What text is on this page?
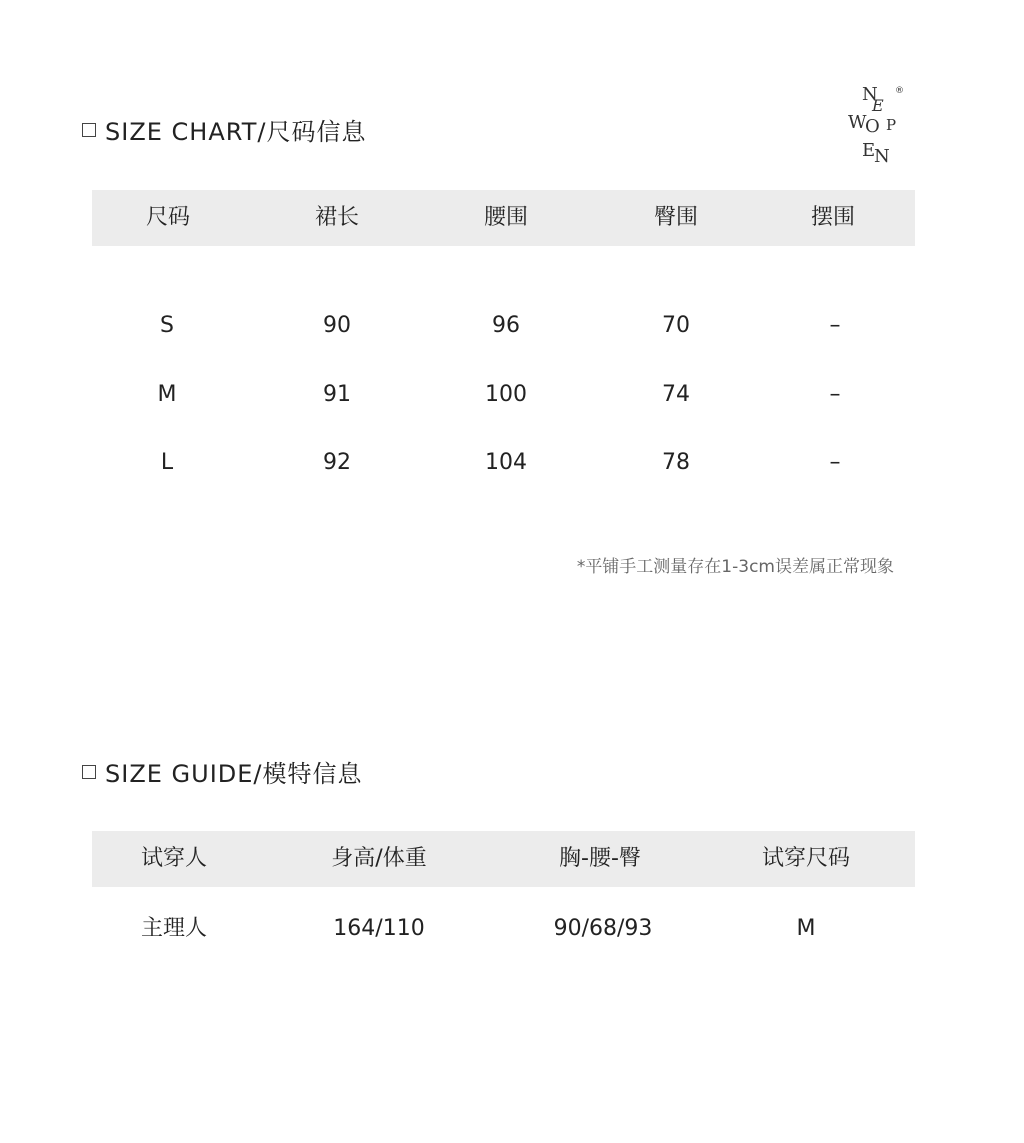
SIZE CHART/尺码信息
N
E
W
O P
E
N
®
尺码	裙长	腰围	臀围	摆围
S	90	96	70	–
M	91	100	74	–
L	92	104	78	–
*平铺手工测量存在1-3cm误差属正常现象
SIZE GUIDE/模特信息
试穿人	身高/体重	胸-腰-臀	试穿尺码
主理人	164/110	90/68/93	M
